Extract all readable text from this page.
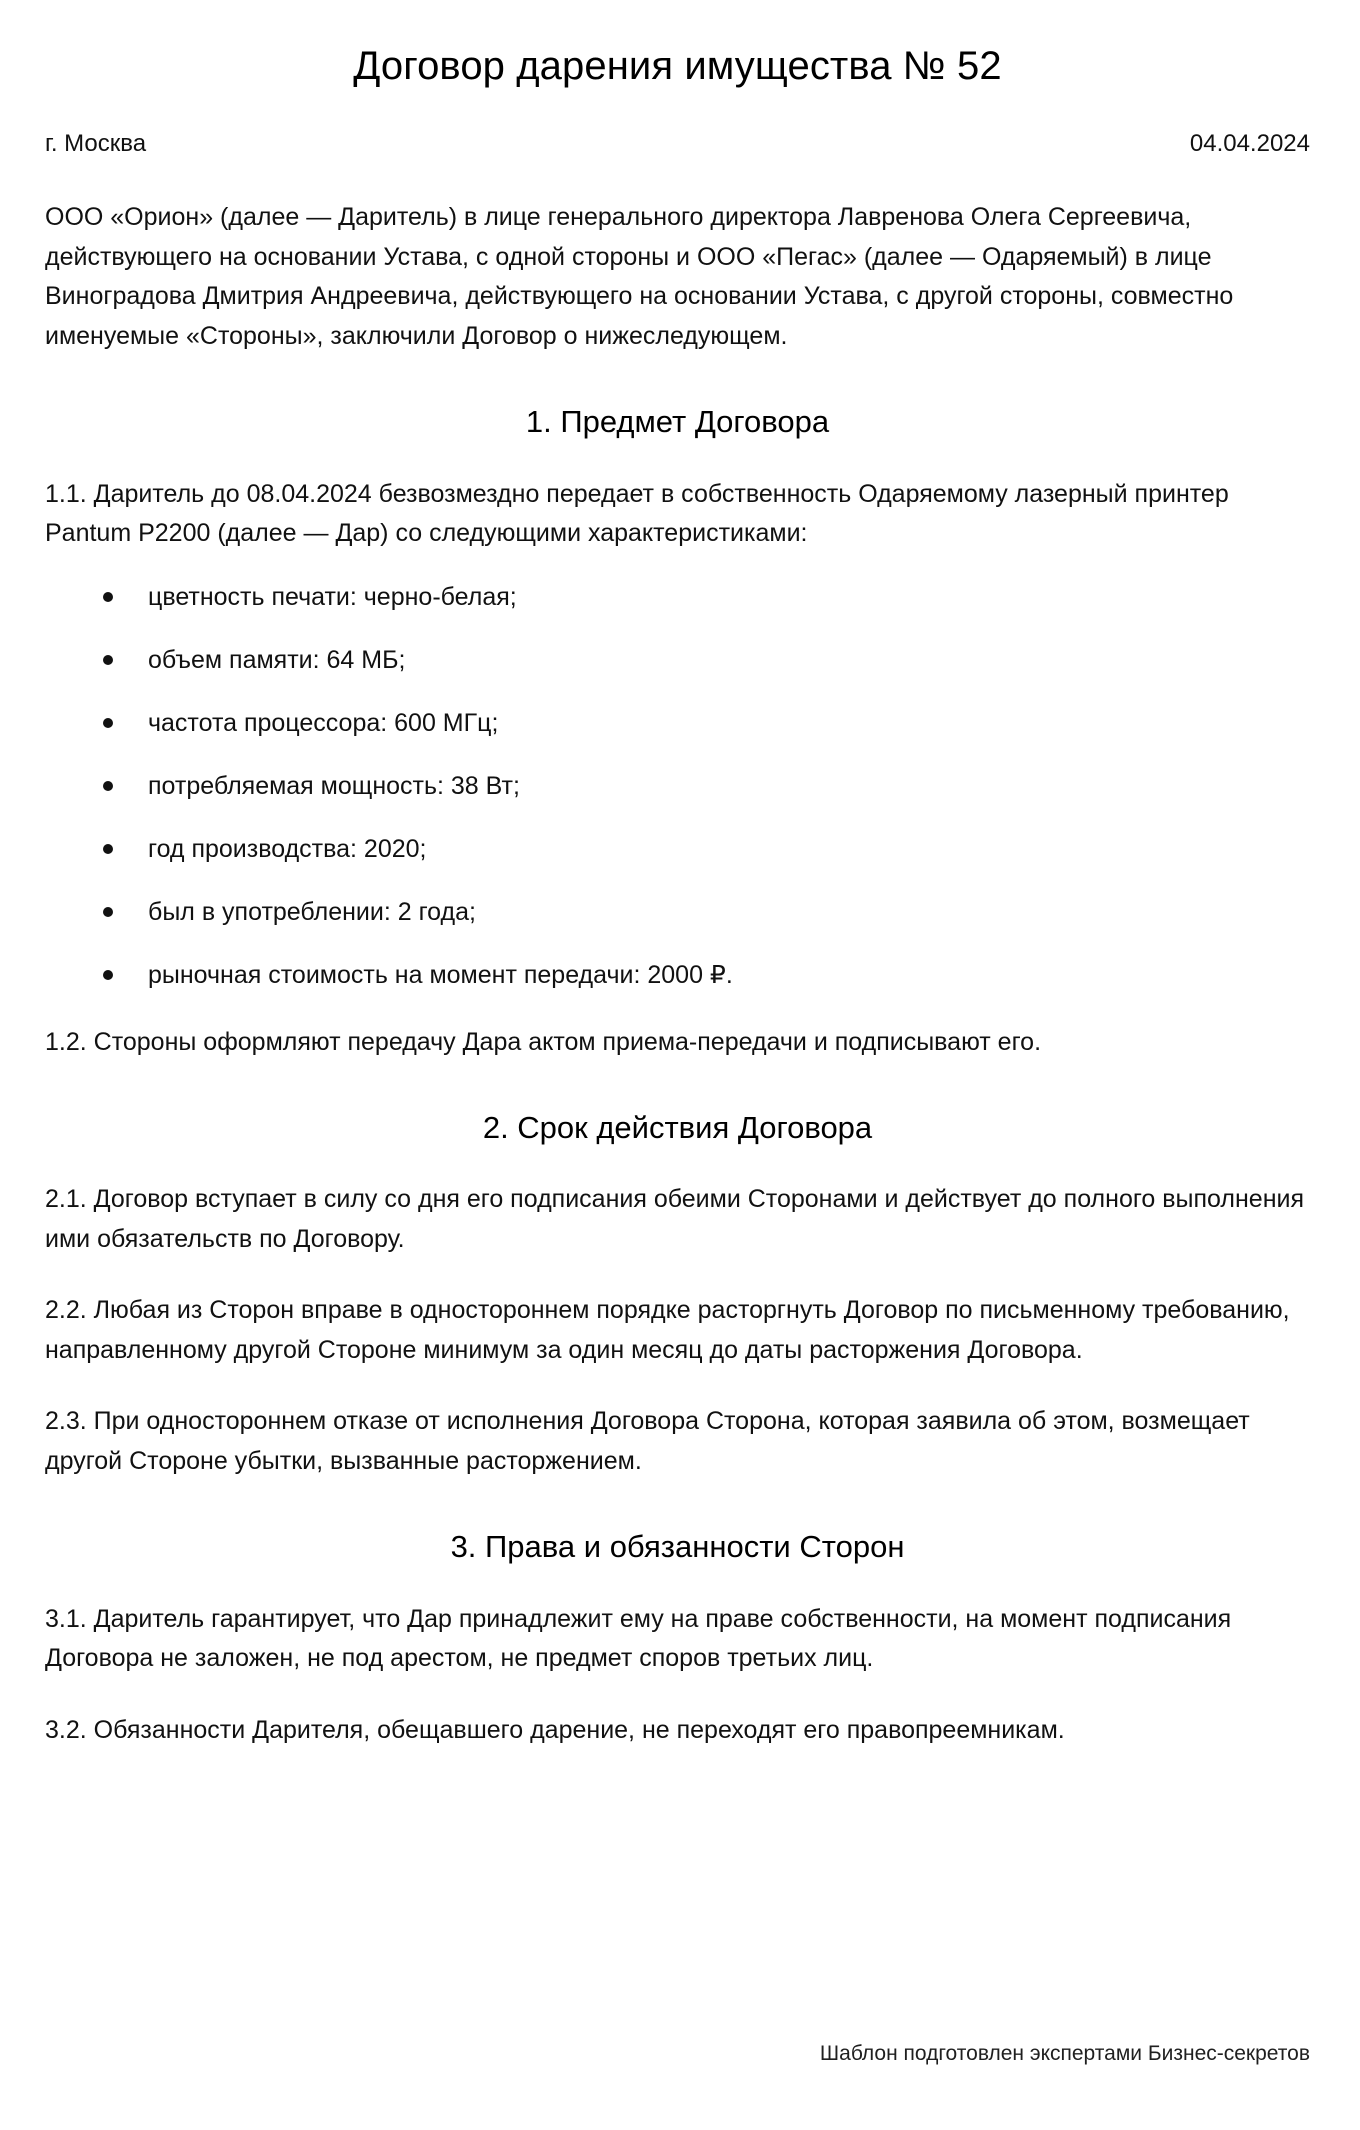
Договор дарения имущества № 52
г. Москва	04.04.2024

ООО «Орион» (далее — Даритель) в лице генерального директора Лавренова Олега Сергеевича, действующего на основании Устава, с одной стороны и ООО «Пегас» (далее — Одаряемый) в лице Виноградова Дмитрия Андреевича, действующего на основании Устава, с другой стороны, совместно именуемые «Стороны», заключили Договор о нижеследующем.

1. Предмет Договора

1.1. Даритель до 08.04.2024 безвозмездно передает в собственность Одаряемому лазерный принтер Pantum P2200 (далее — Дар) со следующими характеристиками:

цветность печати: черно-белая;
объем памяти: 64 МБ;
частота процессора: 600 МГц;
потребляемая мощность: 38 Вт;
год производства: 2020;
был в употреблении: 2 года;
рыночная стоимость на момент передачи: 2000 ₽.

1.2. Стороны оформляют передачу Дара актом приема-передачи и подписывают его.

2. Срок действия Договора

2.1. Договор вступает в силу со дня его подписания обеими Сторонами и действует до полного выполнения ими обязательств по Договору.

2.2. Любая из Сторон вправе в одностороннем порядке расторгнуть Договор по письменному требованию, направленному другой Стороне минимум за один месяц до даты расторжения Договора.

2.3. При одностороннем отказе от исполнения Договора Сторона, которая заявила об этом, возмещает другой Стороне убытки, вызванные расторжением.

3. Права и обязанности Сторон

3.1. Даритель гарантирует, что Дар принадлежит ему на праве собственности, на момент подписания Договора не заложен, не под арестом, не предмет споров третьих лиц.

3.2. Обязанности Дарителя, обещавшего дарение, не переходят его правопреемникам.

Шаблон подготовлен экспертами Бизнес-секретов
